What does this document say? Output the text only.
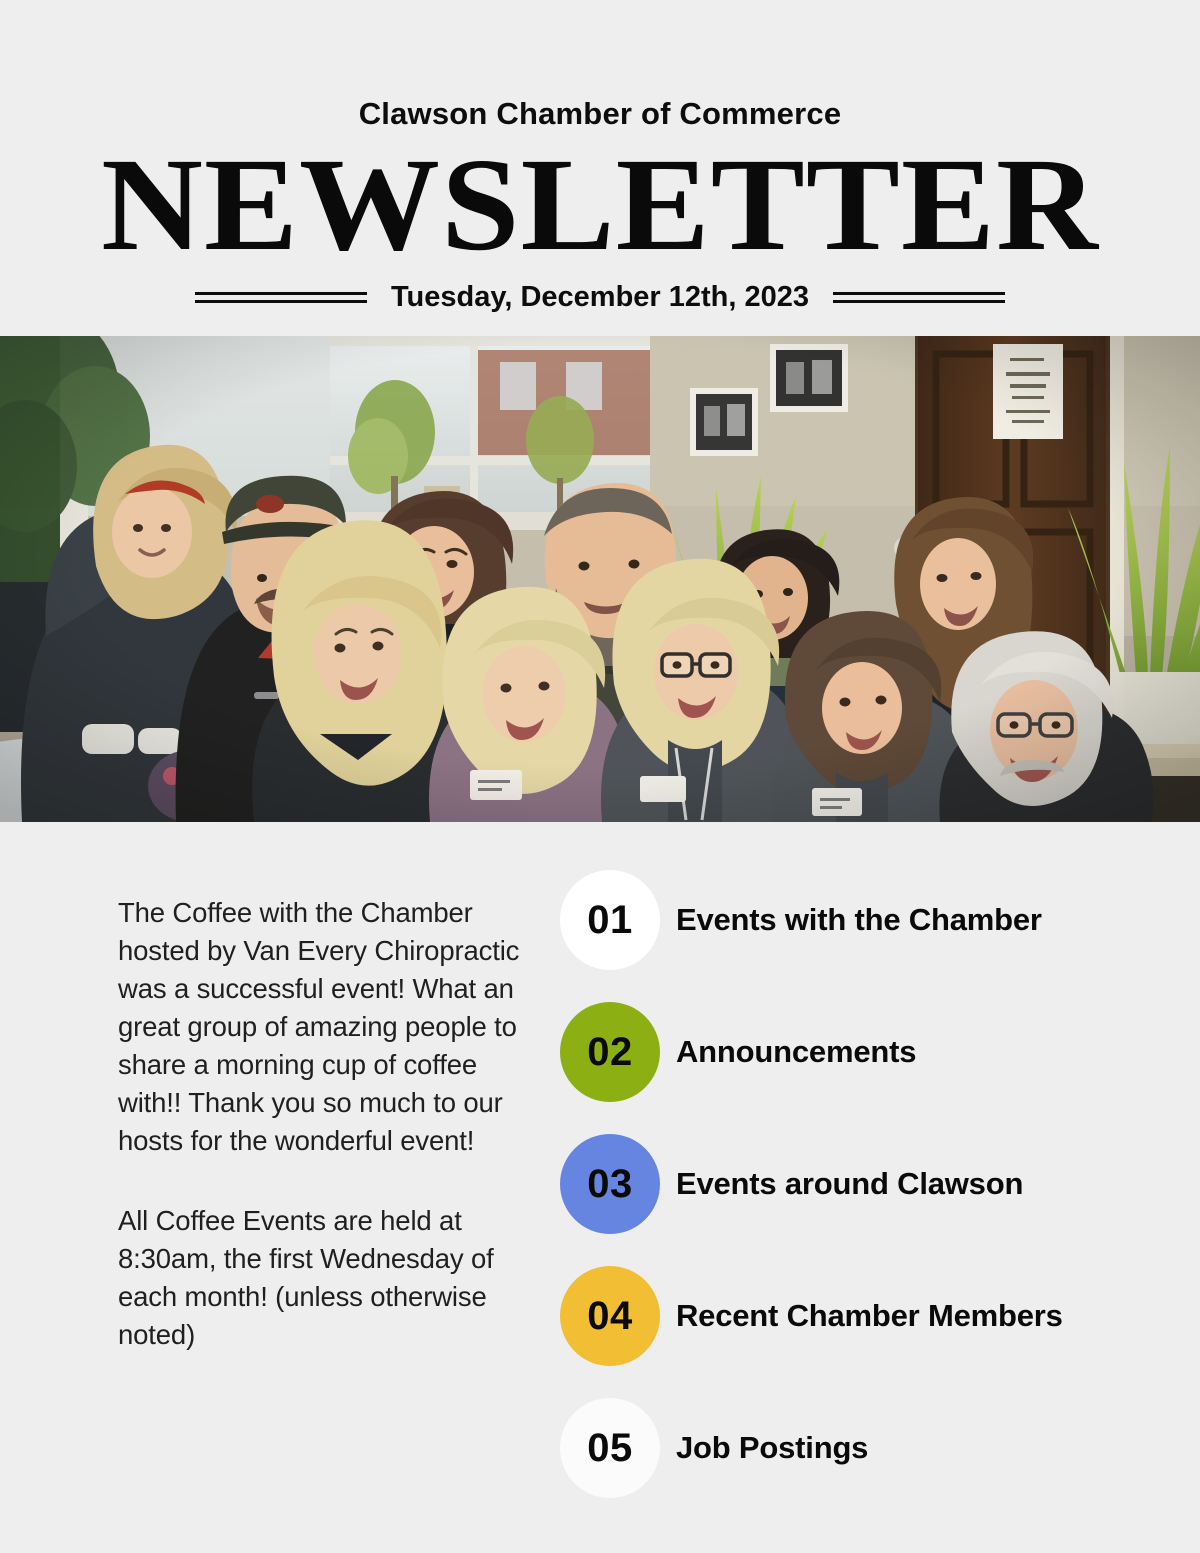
Clawson Chamber of Commerce
NEWSLETTER
Tuesday, December 12th, 2023

The Coffee with the Chamber hosted by Van Every Chiropractic was a successful event! What an great group of amazing people to share a morning cup of coffee with!! Thank you so much to our hosts for the wonderful event!

All Coffee Events are held at 8:30am, the first Wednesday of each month! (unless otherwise noted)

01	Events with the Chamber
02	Announcements
03	Events around Clawson
04	Recent Chamber Members
05	Job Postings
